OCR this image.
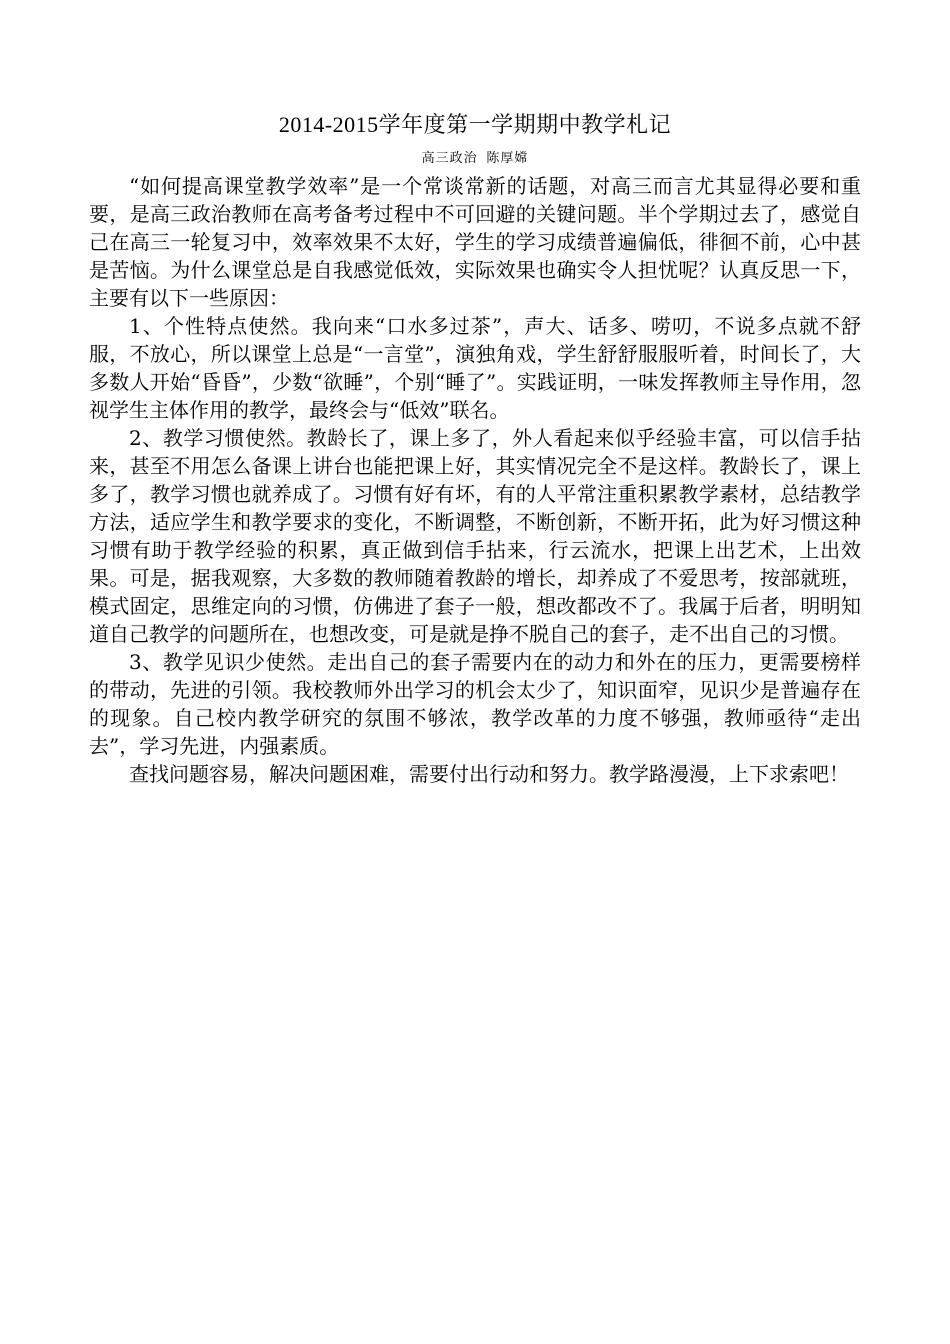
2014-2015学年度第一学期期中教学札记
高三政治 陈厚嫦

“如何提高课堂教学效率”是一个常谈常新的话题，对高三而言尤其显得必要和重要，是高三政治教师在高考备考过程中不可回避的关键问题。半个学期过去了，感觉自己在高三一轮复习中，效率效果不太好，学生的学习成绩普遍偏低，徘徊不前，心中甚是苦恼。为什么课堂总是自我感觉低效，实际效果也确实令人担忧呢？认真反思一下，主要有以下一些原因：

1、个性特点使然。我向来“口水多过茶”，声大、话多、唠叨，不说多点就不舒服，不放心，所以课堂上总是“一言堂”，演独角戏，学生舒舒服服听着，时间长了，大多数人开始“昏昏”，少数“欲睡”，个别“睡了”。实践证明，一味发挥教师主导作用，忽视学生主体作用的教学，最终会与“低效”联名。

2、教学习惯使然。教龄长了，课上多了，外人看起来似乎经验丰富，可以信手拈来，甚至不用怎么备课上讲台也能把课上好，其实情况完全不是这样。教龄长了，课上多了，教学习惯也就养成了。习惯有好有坏，有的人平常注重积累教学素材，总结教学方法，适应学生和教学要求的变化，不断调整，不断创新，不断开拓，此为好习惯这种习惯有助于教学经验的积累，真正做到信手拈来，行云流水，把课上出艺术，上出效果。可是，据我观察，大多数的教师随着教龄的增长，却养成了不爱思考，按部就班，模式固定，思维定向的习惯，仿佛进了套子一般，想改都改不了。我属于后者，明明知道自己教学的问题所在，也想改变，可是就是挣不脱自己的套子，走不出自己的习惯。

3、教学见识少使然。走出自己的套子需要内在的动力和外在的压力，更需要榜样的带动，先进的引领。我校教师外出学习的机会太少了，知识面窄，见识少是普遍存在的现象。自己校内教学研究的氛围不够浓，教学改革的力度不够强，教师亟待“走出去”，学习先进，内强素质。

查找问题容易，解决问题困难，需要付出行动和努力。教学路漫漫，上下求索吧！
